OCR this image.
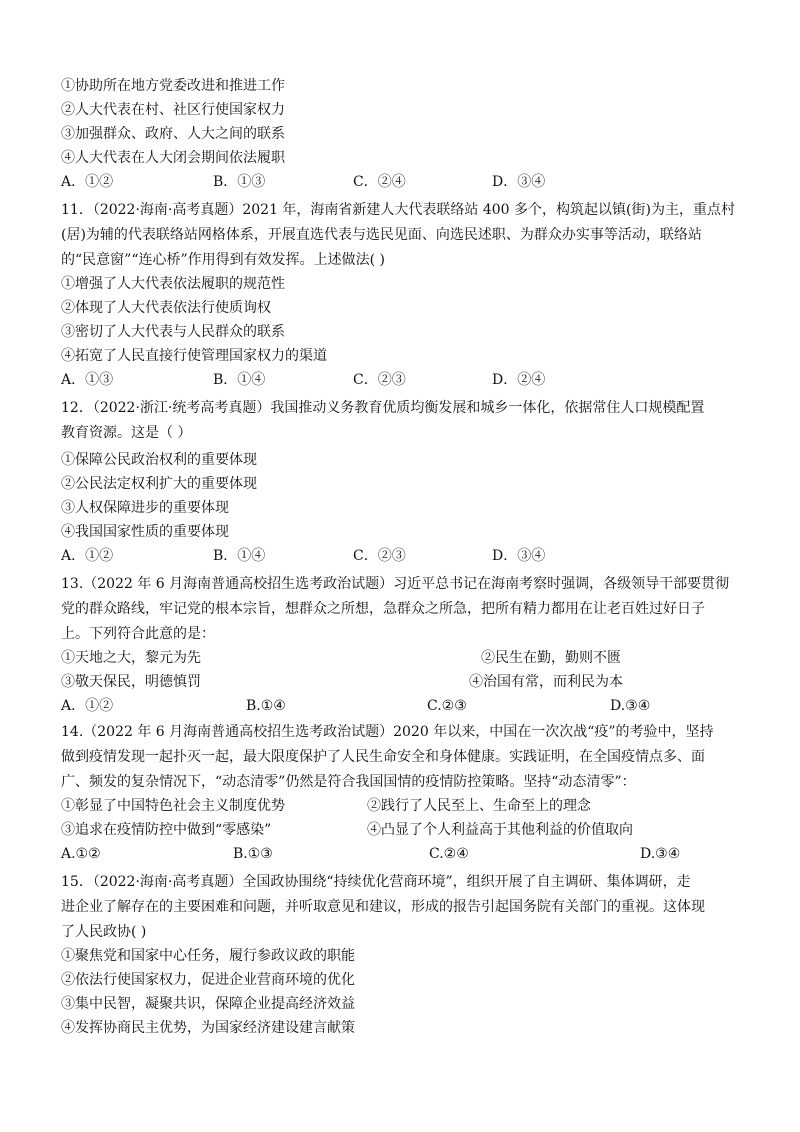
①协助所在地方党委改进和推进工作
②人大代表在村、社区行使国家权力
③加强群众、政府、人大之间的联系
④人大代表在人大闭会期间依法履职
A．①②	B．①③	C．②④	D．③④
11．（2022·海南·高考真题）2021 年，海南省新建人大代表联络站 400 多个，构筑起以镇(街)为主，重点村
(居)为辅的代表联络站网格体系，开展直选代表与选民见面、向选民述职、为群众办实事等活动，联络站
的“民意窗”“连心桥”作用得到有效发挥。上述做法( )
①增强了人大代表依法履职的规范性
②体现了人大代表依法行使质询权
③密切了人大代表与人民群众的联系
④拓宽了人民直接行使管理国家权力的渠道
A．①③	B．①④	C．②③	D．②④
12．（2022·浙江·统考高考真题）我国推动义务教育优质均衡发展和城乡一体化，依据常住人口规模配置
教育资源。这是（ ）
①保障公民政治权利的重要体现
②公民法定权利扩大的重要体现
③人权保障进步的重要体现
④我国国家性质的重要体现
A．①②	B．①④	C．②③	D．③④
13.（2022 年 6 月海南普通高校招生选考政治试题）习近平总书记在海南考察时强调，各级领导干部要贯彻
党的群众路线，牢记党的根本宗旨，想群众之所想，急群众之所急，把所有精力都用在让老百姓过好日子
上。下列符合此意的是：
①天地之大，黎元为先	②民生在勤，勤则不匮
③敬天保民，明德慎罚	④治国有常，而利民为本
A．①②	B.①④	C.②③	D.③④
14.（2022 年 6 月海南普通高校招生选考政治试题）2020 年以来，中国在一次次战“疫”的考验中，坚持
做到疫情发现一起扑灭一起，最大限度保护了人民生命安全和身体健康。实践证明，在全国疫情点多、面
广、频发的复杂情况下，“动态清零”仍然是符合我国国情的疫情防控策略。坚持“动态清零”：
①彰显了中国特色社会主义制度优势	②践行了人民至上、生命至上的理念
③追求在疫情防控中做到“零感染”	④凸显了个人利益高于其他利益的价值取向
A.①②	B.①③	C.②④	D.③④
15．（2022·海南·高考真题）全国政协围绕“持续优化营商环境”，组织开展了自主调研、集体调研，走
进企业了解存在的主要困难和问题，并听取意见和建议，形成的报告引起国务院有关部门的重视。这体现
了人民政协( )
①聚焦党和国家中心任务，履行参政议政的职能
②依法行使国家权力，促进企业营商环境的优化
③集中民智，凝聚共识，保障企业提高经济效益
④发挥协商民主优势，为国家经济建设建言献策
